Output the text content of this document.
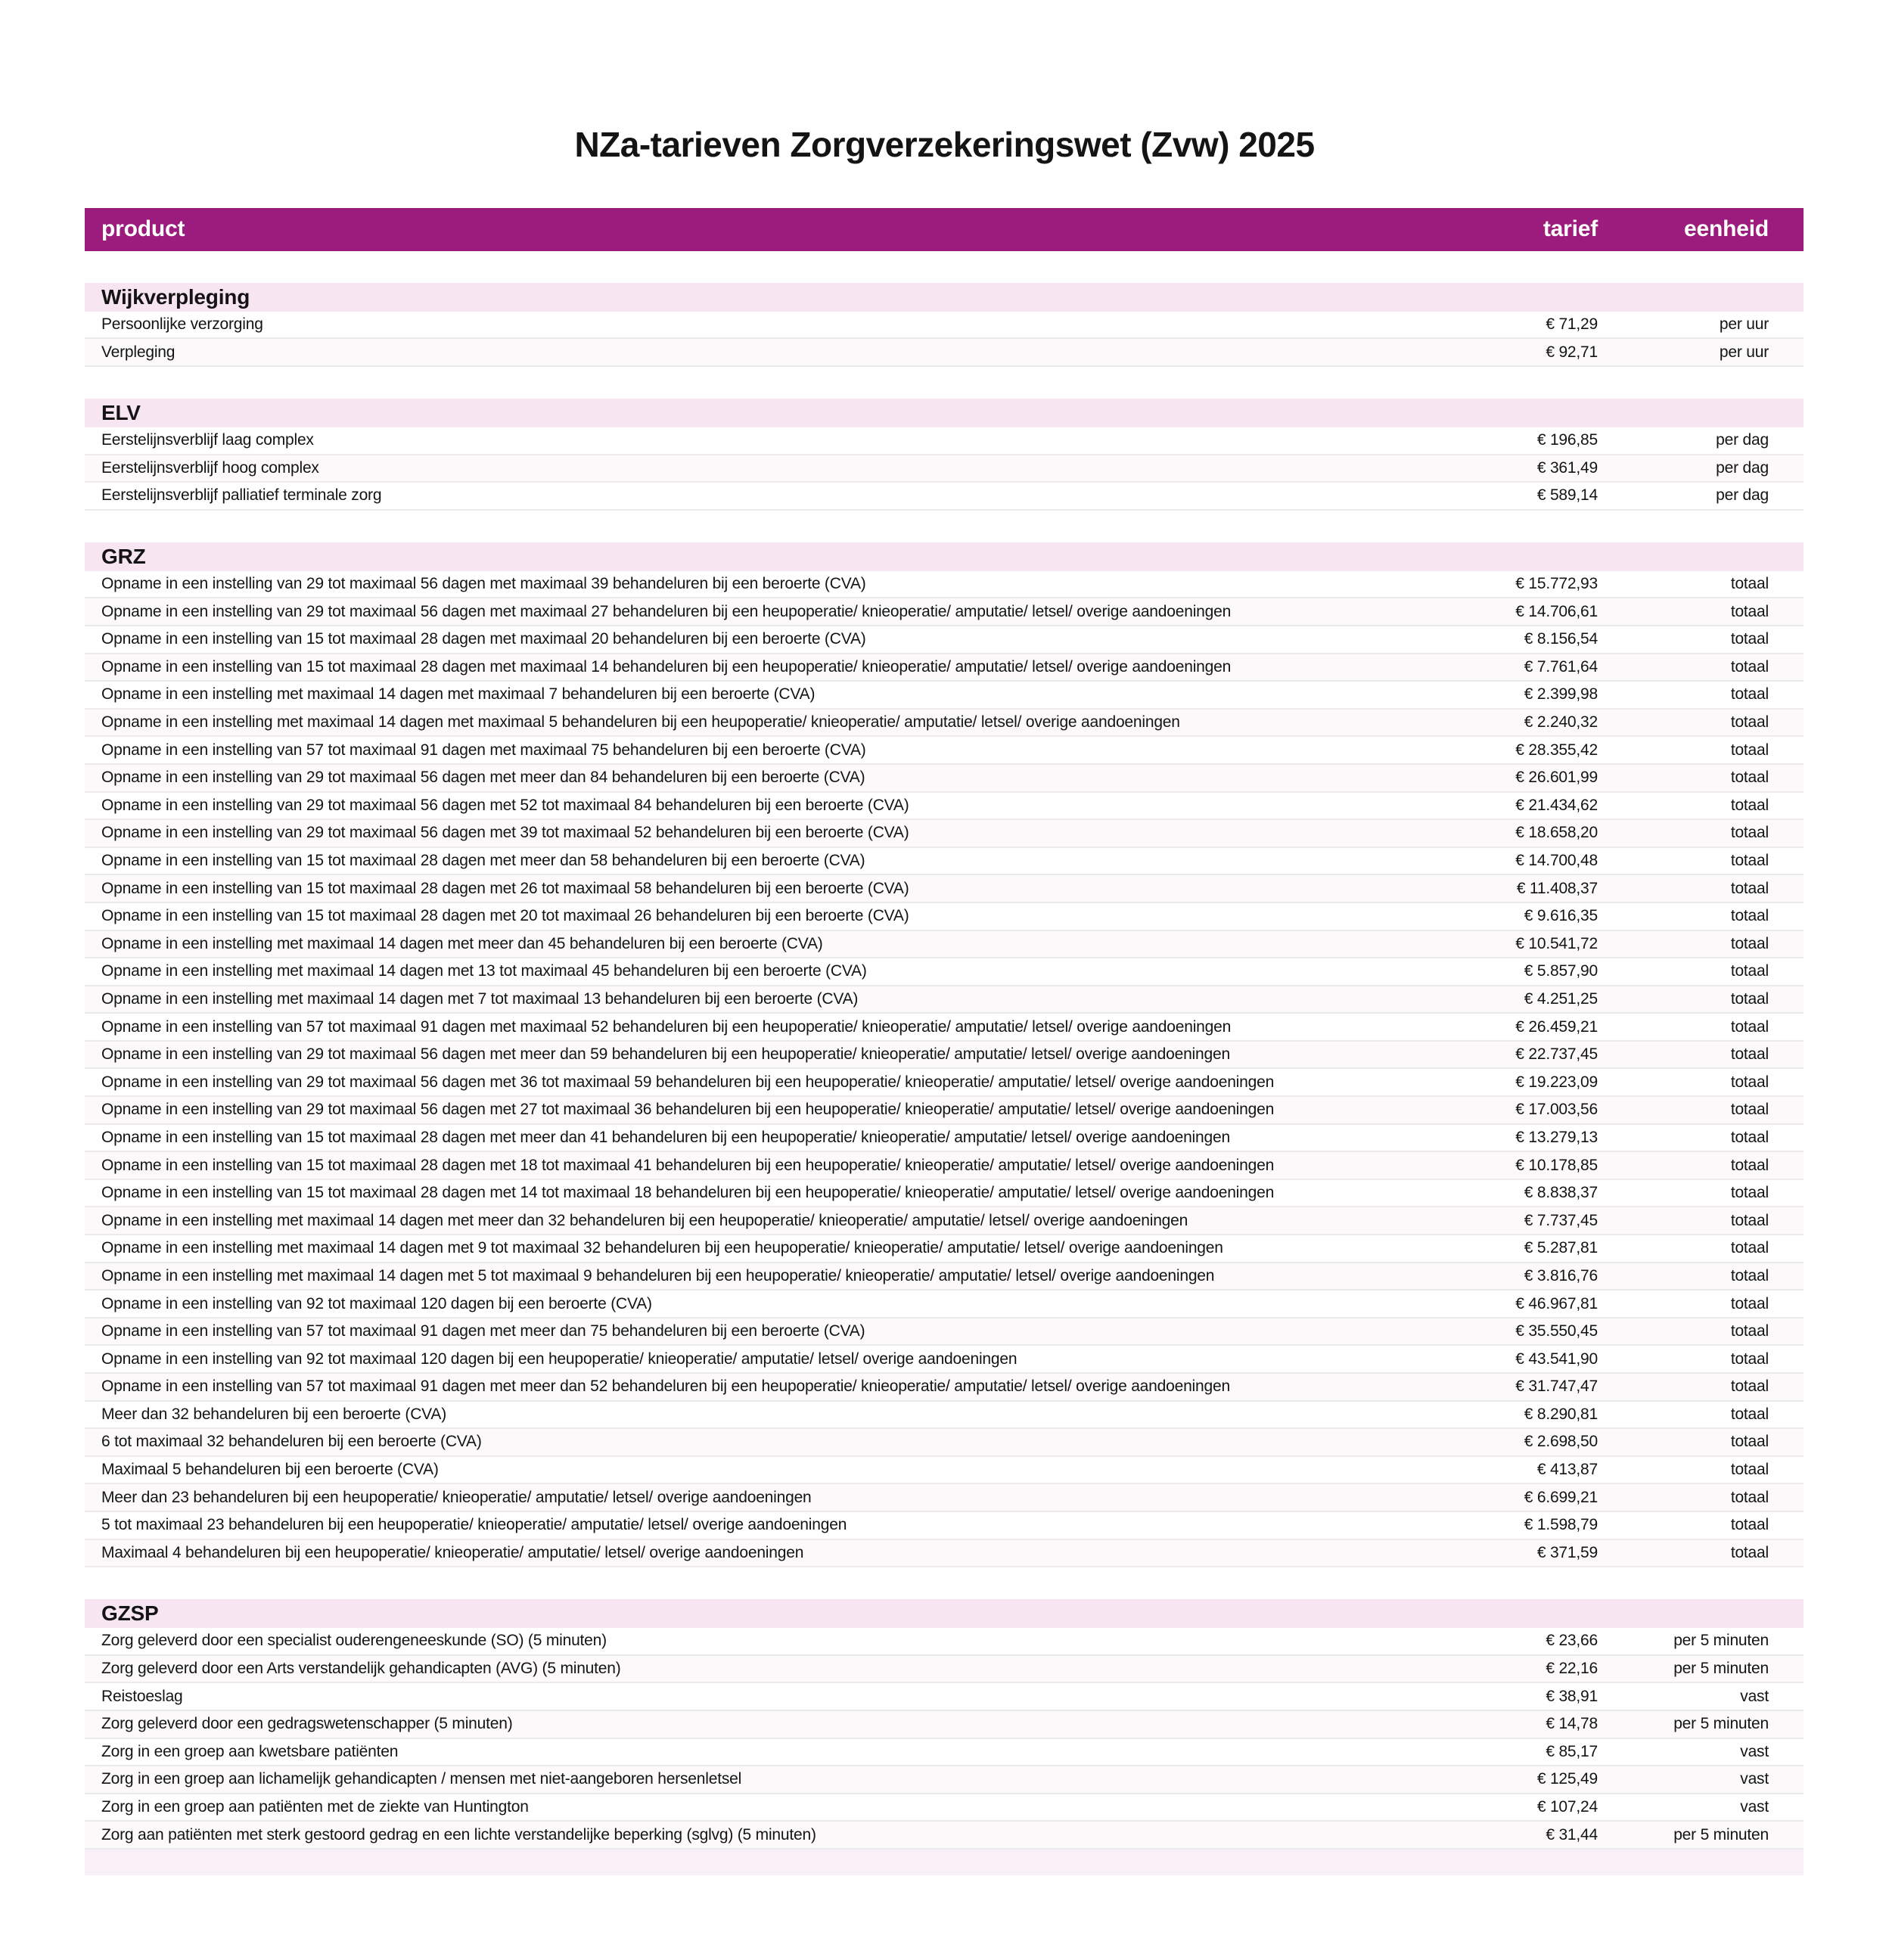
NZa-tarieven Zorgverzekeringswet (Zvw) 2025
product	tarief	eenheid
Wijkverpleging
Persoonlijke verzorging	€ 71,29	per uur
Verpleging	€ 92,71	per uur
ELV
Eerstelijnsverblijf laag complex	€ 196,85	per dag
Eerstelijnsverblijf hoog complex	€ 361,49	per dag
Eerstelijnsverblijf palliatief terminale zorg	€ 589,14	per dag
GRZ
Opname in een instelling van 29 tot maximaal 56 dagen met maximaal 39 behandeluren bij een beroerte (CVA)	€ 15.772,93	totaal
Opname in een instelling van 29 tot maximaal 56 dagen met maximaal 27 behandeluren bij een heupoperatie/ knieoperatie/ amputatie/ letsel/ overige aandoeningen	€ 14.706,61	totaal
Opname in een instelling van 15 tot maximaal 28 dagen met maximaal 20 behandeluren bij een beroerte (CVA)	€ 8.156,54	totaal
Opname in een instelling van 15 tot maximaal 28 dagen met maximaal 14 behandeluren bij een heupoperatie/ knieoperatie/ amputatie/ letsel/ overige aandoeningen	€ 7.761,64	totaal
Opname in een instelling met maximaal 14 dagen met maximaal 7 behandeluren bij een beroerte (CVA)	€ 2.399,98	totaal
Opname in een instelling met maximaal 14 dagen met maximaal 5 behandeluren bij een heupoperatie/ knieoperatie/ amputatie/ letsel/ overige aandoeningen	€ 2.240,32	totaal
Opname in een instelling van 57 tot maximaal 91 dagen met maximaal 75 behandeluren bij een beroerte (CVA)	€ 28.355,42	totaal
Opname in een instelling van 29 tot maximaal 56 dagen met meer dan 84 behandeluren bij een beroerte (CVA)	€ 26.601,99	totaal
Opname in een instelling van 29 tot maximaal 56 dagen met 52 tot maximaal 84 behandeluren bij een beroerte (CVA)	€ 21.434,62	totaal
Opname in een instelling van 29 tot maximaal 56 dagen met 39 tot maximaal 52 behandeluren bij een beroerte (CVA)	€ 18.658,20	totaal
Opname in een instelling van 15 tot maximaal 28 dagen met meer dan 58 behandeluren bij een beroerte (CVA)	€ 14.700,48	totaal
Opname in een instelling van 15 tot maximaal 28 dagen met 26 tot maximaal 58 behandeluren bij een beroerte (CVA)	€ 11.408,37	totaal
Opname in een instelling van 15 tot maximaal 28 dagen met 20 tot maximaal 26 behandeluren bij een beroerte (CVA)	€ 9.616,35	totaal
Opname in een instelling met maximaal 14 dagen met meer dan 45 behandeluren bij een beroerte (CVA)	€ 10.541,72	totaal
Opname in een instelling met maximaal 14 dagen met 13 tot maximaal 45 behandeluren bij een beroerte (CVA)	€ 5.857,90	totaal
Opname in een instelling met maximaal 14 dagen met 7 tot maximaal 13 behandeluren bij een beroerte (CVA)	€ 4.251,25	totaal
Opname in een instelling van 57 tot maximaal 91 dagen met maximaal 52 behandeluren bij een heupoperatie/ knieoperatie/ amputatie/ letsel/ overige aandoeningen	€ 26.459,21	totaal
Opname in een instelling van 29 tot maximaal 56 dagen met meer dan 59 behandeluren bij een heupoperatie/ knieoperatie/ amputatie/ letsel/ overige aandoeningen	€ 22.737,45	totaal
Opname in een instelling van 29 tot maximaal 56 dagen met 36 tot maximaal 59 behandeluren bij een heupoperatie/ knieoperatie/ amputatie/ letsel/ overige aandoeningen	€ 19.223,09	totaal
Opname in een instelling van 29 tot maximaal 56 dagen met 27 tot maximaal 36 behandeluren bij een heupoperatie/ knieoperatie/ amputatie/ letsel/ overige aandoeningen	€ 17.003,56	totaal
Opname in een instelling van 15 tot maximaal 28 dagen met meer dan 41 behandeluren bij een heupoperatie/ knieoperatie/ amputatie/ letsel/ overige aandoeningen	€ 13.279,13	totaal
Opname in een instelling van 15 tot maximaal 28 dagen met 18 tot maximaal 41 behandeluren bij een heupoperatie/ knieoperatie/ amputatie/ letsel/ overige aandoeningen	€ 10.178,85	totaal
Opname in een instelling van 15 tot maximaal 28 dagen met 14 tot maximaal 18 behandeluren bij een heupoperatie/ knieoperatie/ amputatie/ letsel/ overige aandoeningen	€ 8.838,37	totaal
Opname in een instelling met maximaal 14 dagen met meer dan 32 behandeluren bij een heupoperatie/ knieoperatie/ amputatie/ letsel/ overige aandoeningen	€ 7.737,45	totaal
Opname in een instelling met maximaal 14 dagen met 9 tot maximaal 32 behandeluren bij een heupoperatie/ knieoperatie/ amputatie/ letsel/ overige aandoeningen	€ 5.287,81	totaal
Opname in een instelling met maximaal 14 dagen met 5 tot maximaal 9 behandeluren bij een heupoperatie/ knieoperatie/ amputatie/ letsel/ overige aandoeningen	€ 3.816,76	totaal
Opname in een instelling van 92 tot maximaal 120 dagen bij een beroerte (CVA)	€ 46.967,81	totaal
Opname in een instelling van 57 tot maximaal 91 dagen met meer dan 75 behandeluren bij een beroerte (CVA)	€ 35.550,45	totaal
Opname in een instelling van 92 tot maximaal 120 dagen bij een heupoperatie/ knieoperatie/ amputatie/ letsel/ overige aandoeningen	€ 43.541,90	totaal
Opname in een instelling van 57 tot maximaal 91 dagen met meer dan 52 behandeluren bij een heupoperatie/ knieoperatie/ amputatie/ letsel/ overige aandoeningen	€ 31.747,47	totaal
Meer dan 32 behandeluren bij een beroerte (CVA)	€ 8.290,81	totaal
6 tot maximaal 32 behandeluren bij een beroerte (CVA)	€ 2.698,50	totaal
Maximaal 5 behandeluren bij een beroerte (CVA)	€ 413,87	totaal
Meer dan 23 behandeluren bij een heupoperatie/ knieoperatie/ amputatie/ letsel/ overige aandoeningen	€ 6.699,21	totaal
5 tot maximaal 23 behandeluren bij een heupoperatie/ knieoperatie/ amputatie/ letsel/ overige aandoeningen	€ 1.598,79	totaal
Maximaal 4 behandeluren bij een heupoperatie/ knieoperatie/ amputatie/ letsel/ overige aandoeningen	€ 371,59	totaal
GZSP
Zorg geleverd door een specialist ouderengeneeskunde (SO) (5 minuten)	€ 23,66	per 5 minuten
Zorg geleverd door een Arts verstandelijk gehandicapten (AVG) (5 minuten)	€ 22,16	per 5 minuten
Reistoeslag	€ 38,91	vast
Zorg geleverd door een gedragswetenschapper (5 minuten)	€ 14,78	per 5 minuten
Zorg in een groep aan kwetsbare patiënten	€ 85,17	vast
Zorg in een groep aan lichamelijk gehandicapten / mensen met niet-aangeboren hersenletsel	€ 125,49	vast
Zorg in een groep aan patiënten met de ziekte van Huntington	€ 107,24	vast
Zorg aan patiënten met sterk gestoord gedrag en een lichte verstandelijke beperking (sglvg) (5 minuten)	€ 31,44	per 5 minuten
